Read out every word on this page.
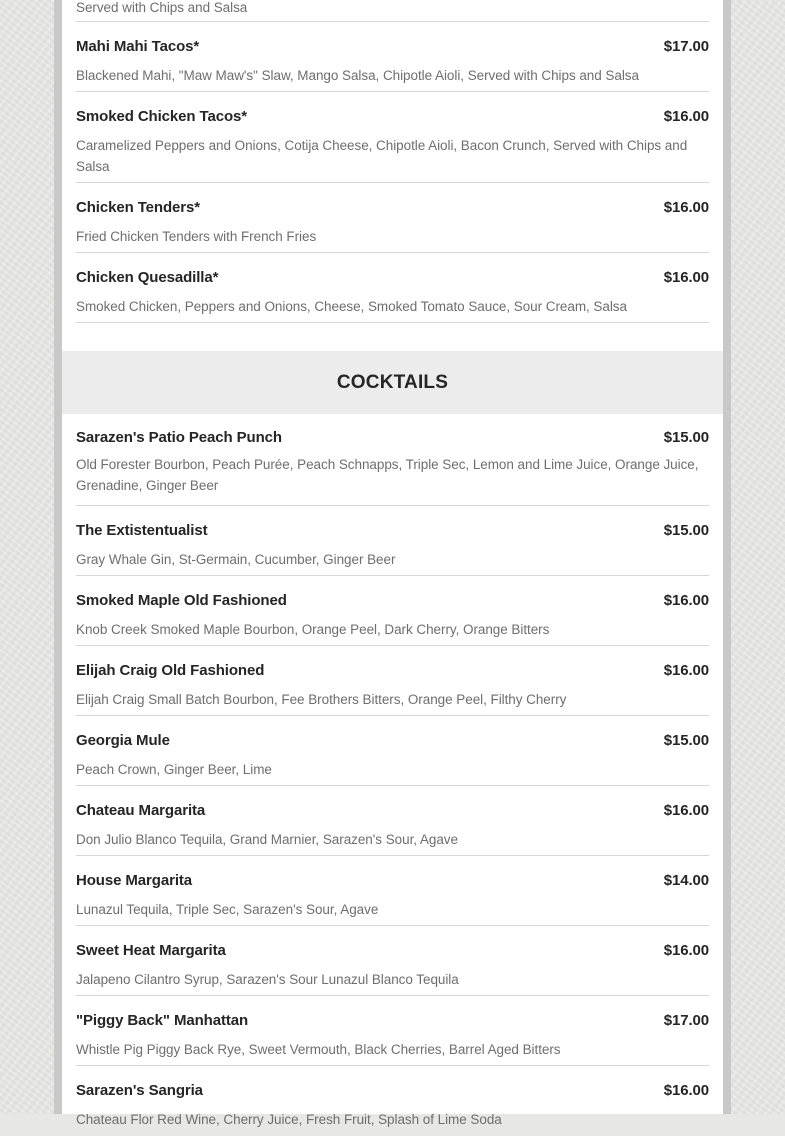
Served with Chips and Salsa
Mahi Mahi Tacos*	$17.00
Blackened Mahi, "Maw Maw's" Slaw, Mango Salsa, Chipotle Aioli, Served with Chips and Salsa
Smoked Chicken Tacos*	$16.00
Caramelized Peppers and Onions, Cotija Cheese, Chipotle Aioli, Bacon Crunch, Served with Chips and Salsa
Chicken Tenders*	$16.00
Fried Chicken Tenders with French Fries
Chicken Quesadilla*	$16.00
Smoked Chicken, Peppers and Onions, Cheese, Smoked Tomato Sauce, Sour Cream, Salsa
COCKTAILS
Sarazen's Patio Peach Punch	$15.00
Old Forester Bourbon, Peach Purée, Peach Schnapps, Triple Sec, Lemon and Lime Juice, Orange Juice, Grenadine, Ginger Beer
The Extistentualist	$15.00
Gray Whale Gin, St-Germain, Cucumber, Ginger Beer
Smoked Maple Old Fashioned	$16.00
Knob Creek Smoked Maple Bourbon, Orange Peel, Dark Cherry, Orange Bitters
Elijah Craig Old Fashioned	$16.00
Elijah Craig Small Batch Bourbon, Fee Brothers Bitters, Orange Peel, Filthy Cherry
Georgia Mule	$15.00
Peach Crown, Ginger Beer, Lime
Chateau Margarita	$16.00
Don Julio Blanco Tequila, Grand Marnier, Sarazen's Sour, Agave
House Margarita	$14.00
Lunazul Tequila, Triple Sec, Sarazen's Sour, Agave
Sweet Heat Margarita	$16.00
Jalapeno Cilantro Syrup, Sarazen's Sour Lunazul Blanco Tequila
"Piggy Back" Manhattan	$17.00
Whistle Pig Piggy Back Rye, Sweet Vermouth, Black Cherries, Barrel Aged Bitters
Sarazen's Sangria	$16.00
Chateau Flor Red Wine, Cherry Juice, Fresh Fruit, Splash of Lime Soda
